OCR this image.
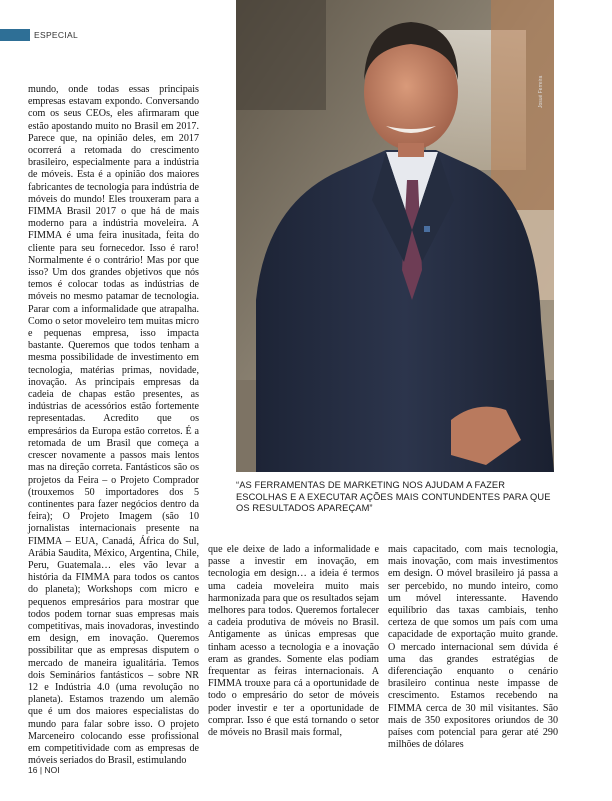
ESPECIAL
mundo, onde todas essas principais empresas estavam expondo. Conversando com os seus CEOs, eles afirmaram que estão apostando muito no Brasil em 2017. Parece que, na opinião deles, em 2017 ocorrerá a retomada do crescimento brasileiro, especialmente para a indústria de móveis. Esta é a opinião dos maiores fabricantes de tecnologia para indústria de móveis do mundo! Eles trouxeram para a FIMMA Brasil 2017 o que há de mais moderno para a indústria moveleira. A FIMMA é uma feira inusitada, feita do cliente para seu fornecedor. Isso é raro! Normalmente é o contrário! Mas por que isso? Um dos grandes objetivos que nós temos é colocar todas as indústrias de móveis no mesmo patamar de tecnologia. Parar com a informalidade que atrapalha. Como o setor moveleiro tem muitas micro e pequenas empresa, isso impacta bastante. Queremos que todos tenham a mesma possibilidade de investimento em tecnologia, matérias primas, novidade, inovação. As principais empresas da cadeia de chapas estão presentes, as indústrias de acessórios estão fortemente representadas. Acredito que os empresários da Europa estão corretos. É a retomada de um Brasil que começa a crescer novamente a passos mais lentos mas na direção correta. Fantásticos são os projetos da Feira – o Projeto Comprador (trouxemos 50 importadores dos 5 continentes para fazer negócios dentro da feira); O Projeto Imagem (são 10 jornalistas internacionais presente na FIMMA – EUA, Canadá, África do Sul, Arábia Saudita, México, Argentina, Chile, Peru, Guatemala… eles vão levar a história da FIMMA para todos os cantos do planeta); Workshops com micro e pequenos empresários para mostrar que todos podem tornar suas empresas mais competitivas, mais inovadoras, investindo em design, em inovação. Queremos possibilitar que as empresas disputem o mercado de maneira igualitária. Temos dois Seminários fantásticos – sobre NR 12 e Indústria 4.0 (uma revolução no planeta). Estamos trazendo um alemão que é um dos maiores especialistas do mundo para falar sobre isso. O projeto Marceneiro colocando esse profissional em competitividade com as empresas de móveis seriados do Brasil, estimulando
Josué Ferreira
“AS FERRAMENTAS DE MARKETING NOS AJUDAM A FAZER ESCOLHAS E A EXECUTAR AÇÕES MAIS CONTUNDENTES PARA QUE OS RESULTADOS APAREÇAM”
que ele deixe de lado a informalidade e passe a investir em inovação, em tecnologia em design… a ideia é termos uma cadeia moveleira muito mais harmonizada para que os resultados sejam melhores para todos. Queremos fortalecer a cadeia produtiva de móveis no Brasil. Antigamente as únicas empresas que tinham acesso a tecnologia e a inovação eram as grandes. Somente elas podiam frequentar as feiras internacionais. A FIMMA trouxe para cá a oportunidade de todo o empresário do setor de móveis poder investir e ter a oportunidade de comprar. Isso é que está tornando o setor de móveis no Brasil mais formal,
mais capacitado, com mais tecnologia, mais inovação, com mais investimentos em design. O móvel brasileiro já passa a ser percebido, no mundo inteiro, como um móvel interessante. Havendo equilíbrio das taxas cambiais, tenho certeza de que somos um país com uma capacidade de exportação muito grande. O mercado internacional sem dúvida é uma das grandes estratégias de diferenciação enquanto o cenário brasileiro continua neste impasse de crescimento. Estamos recebendo na FIMMA cerca de 30 mil visitantes. São mais de 350 expositores oriundos de 30 países com potencial para gerar até 290 milhões de dólares
16 | NOI
